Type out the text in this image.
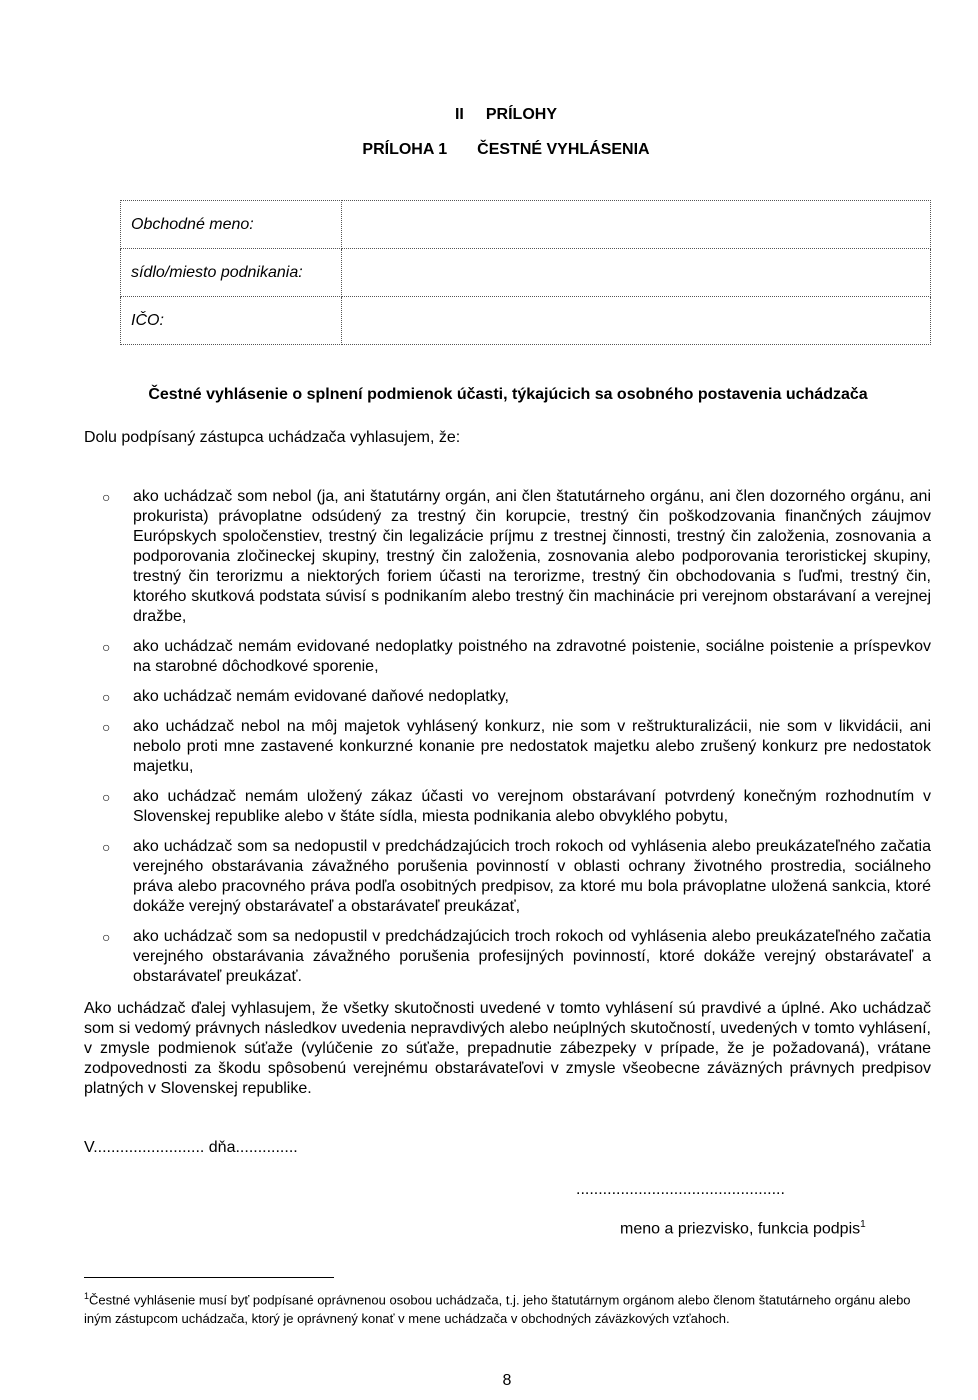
II PRÍLOHY
PRÍLOHA 1 ČESTNÉ VYHLÁSENIA
Obchodné meno:	
sídlo/miesto podnikania:	
IČO:	
Čestné vyhlásenie o splnení podmienok účasti, týkajúcich sa osobného postavenia uchádzača
Dolu podpísaný zástupca uchádzača vyhlasujem, že:
○ ako uchádzač som nebol (ja, ani štatutárny orgán, ani člen štatutárneho orgánu, ani člen dozorného orgánu, ani prokurista) právoplatne odsúdený za trestný čin korupcie, trestný čin poškodzovania finančných záujmov Európskych spoločenstiev, trestný čin legalizácie príjmu z trestnej činnosti, trestný čin založenia, zosnovania a podporovania zločineckej skupiny, trestný čin založenia, zosnovania alebo podporovania teroristickej skupiny, trestný čin terorizmu a niektorých foriem účasti na terorizme, trestný čin obchodovania s ľuďmi, trestný čin, ktorého skutková podstata súvisí s podnikaním alebo trestný čin machinácie pri verejnom obstarávaní a verejnej dražbe,
○ ako uchádzač nemám evidované nedoplatky poistného na zdravotné poistenie, sociálne poistenie a príspevkov na starobné dôchodkové sporenie,
○ ako uchádzač nemám evidované daňové nedoplatky,
○ ako uchádzač nebol na môj majetok vyhlásený konkurz, nie som v reštrukturalizácii, nie som v likvidácii, ani nebolo proti mne zastavené konkurzné konanie pre nedostatok majetku alebo zrušený konkurz pre nedostatok majetku,
○ ako uchádzač nemám uložený zákaz účasti vo verejnom obstarávaní potvrdený konečným rozhodnutím v Slovenskej republike alebo v štáte sídla, miesta podnikania alebo obvyklého pobytu,
○ ako uchádzač som sa nedopustil v predchádzajúcich troch rokoch od vyhlásenia alebo preukázateľného začatia verejného obstarávania závažného porušenia povinností v oblasti ochrany životného prostredia, sociálneho práva alebo pracovného práva podľa osobitných predpisov, za ktoré mu bola právoplatne uložená sankcia, ktoré dokáže verejný obstarávateľ a obstarávateľ preukázať,
○ ako uchádzač som sa nedopustil v predchádzajúcich troch rokoch od vyhlásenia alebo preukázateľného začatia verejného obstarávania závažného porušenia profesijných povinností, ktoré dokáže verejný obstarávateľ a obstarávateľ preukázať.
Ako uchádzač ďalej vyhlasujem, že všetky skutočnosti uvedené v tomto vyhlásení sú pravdivé a úplné. Ako uchádzač som si vedomý právnych následkov uvedenia nepravdivých alebo neúplných skutočností, uvedených v tomto vyhlásení, v zmysle podmienok súťaže (vylúčenie zo súťaže, prepadnutie zábezpeky v prípade, že je požadovaná), vrátane zodpovednosti za škodu spôsobenú verejnému obstarávateľovi v zmysle všeobecne záväzných právnych predpisov platných v Slovenskej republike.
V......................... dňa..............
...............................................
meno a priezvisko, funkcia podpis$^1$
$^1$Čestné vyhlásenie musí byť podpísané oprávnenou osobou uchádzača, t.j. jeho štatutárnym orgánom alebo členom štatutárneho orgánu alebo iným zástupcom uchádzača, ktorý je oprávnený konať v mene uchádzača v obchodných záväzkových vzťahoch.
8
